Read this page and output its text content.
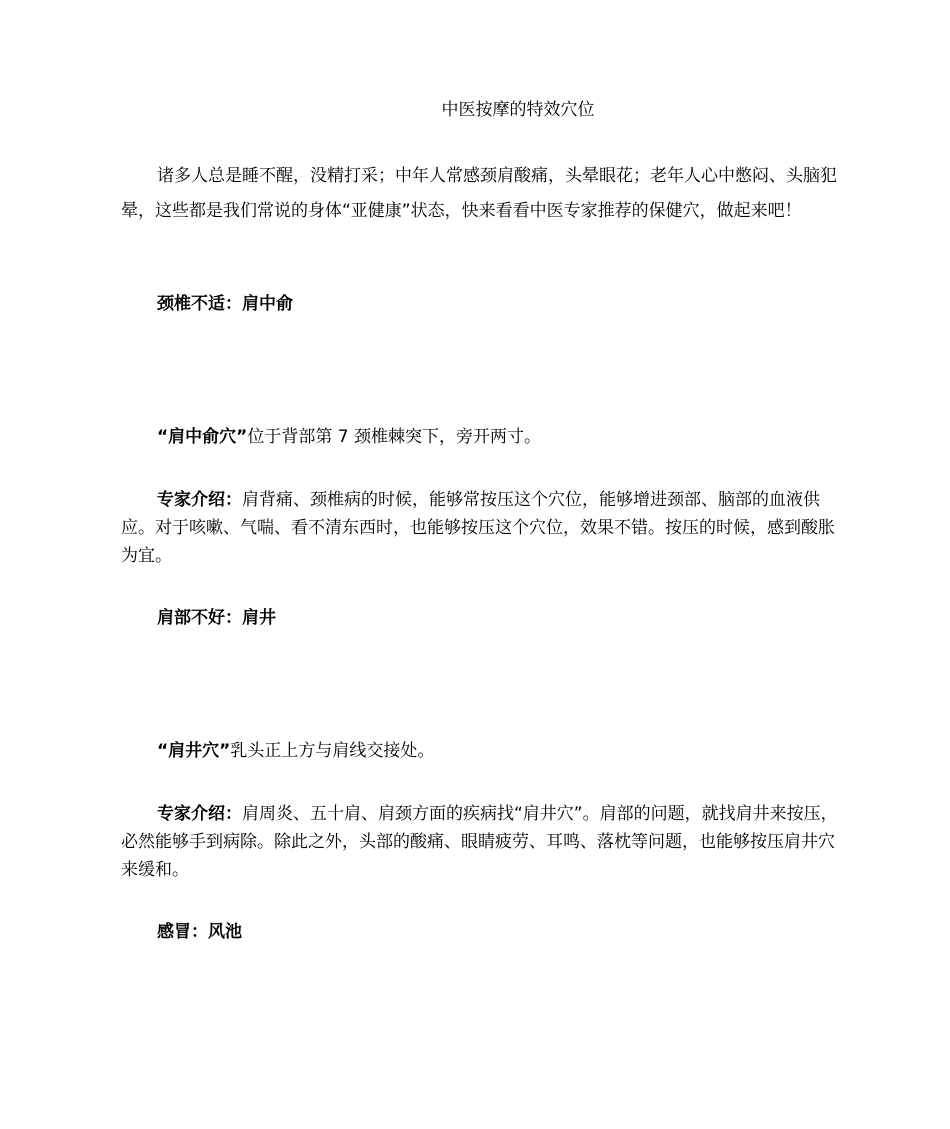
中医按摩的特效穴位

诸多人总是睡不醒，没精打采；中年人常感颈肩酸痛，头晕眼花；老年人心中憋闷、头脑犯晕，这些都是我们常说的身体“亚健康”状态，快来看看中医专家推荐的保健穴，做起来吧！

颈椎不适：肩中俞
“肩中俞穴”位于背部第 7 颈椎棘突下，旁开两寸。

专家介绍：肩背痛、颈椎病的时候，能够常按压这个穴位，能够增进颈部、脑部的血液供应。对于咳嗽、气喘、看不清东西时，也能够按压这个穴位，效果不错。按压的时候，感到酸胀为宜。

肩部不好：肩井
“肩井穴”乳头正上方与肩线交接处。

专家介绍：肩周炎、五十肩、肩颈方面的疾病找“肩井穴”。肩部的问题，就找肩井来按压，必然能够手到病除。除此之外，头部的酸痛、眼睛疲劳、耳鸣、落枕等问题，也能够按压肩井穴来缓和。

感冒：风池
